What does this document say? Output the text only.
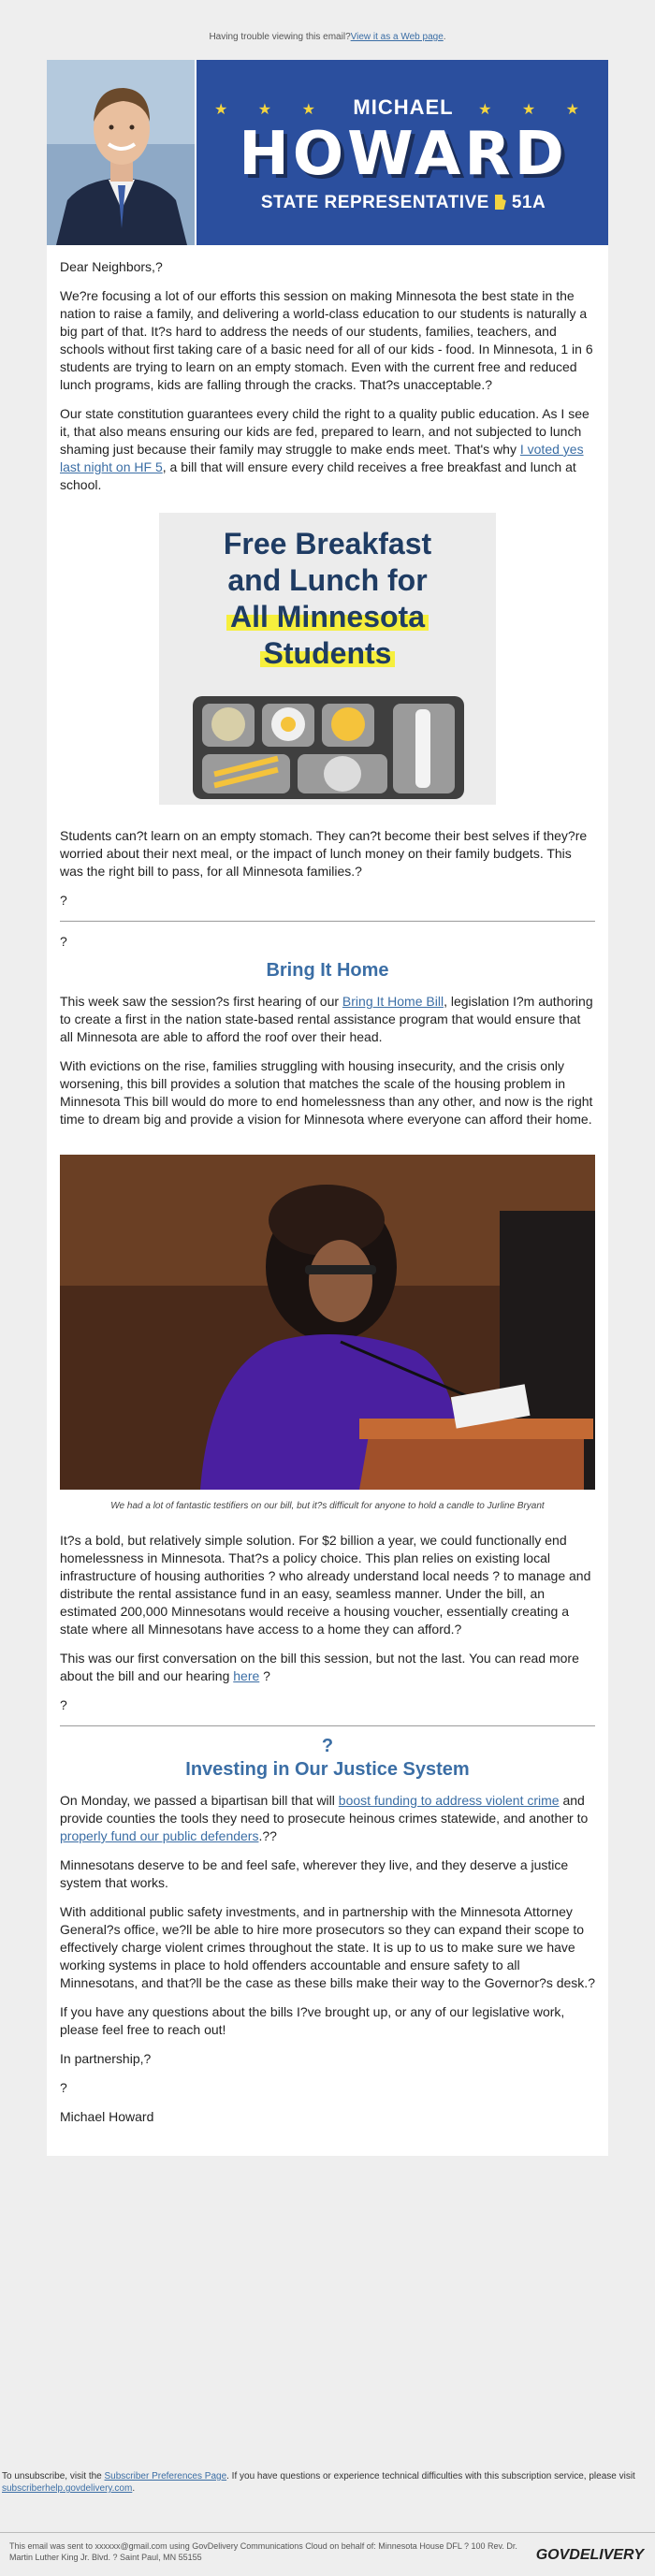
Having trouble viewing this email?View it as a Web page.
★ ★ ★ MICHAEL ★ ★ ★
HOWARD
STATE REPRESENTATIVE 51A

Dear Neighbors,?

We?re focusing a lot of our efforts this session on making Minnesota the best state in the nation to raise a family, and delivering a world-class education to our students is naturally a big part of that. It?s hard to address the needs of our students, families, teachers, and schools without first taking care of a basic need for all of our kids - food. In Minnesota, 1 in 6 students are trying to learn on an empty stomach. Even with the current free and reduced lunch programs, kids are falling through the cracks. That?s unacceptable.?

Our state constitution guarantees every child the right to a quality public education. As I see it, that also means ensuring our kids are fed, prepared to learn, and not subjected to lunch shaming just because their family may struggle to make ends meet. That's why I voted yes last night on HF 5, a bill that will ensure every child receives a free breakfast and lunch at school.

Free Breakfast
and Lunch for
All Minnesota
Students

Students can?t learn on an empty stomach. They can?t become their best selves if they?re worried about their next meal, or the impact of lunch money on their family budgets. This was the right bill to pass, for all Minnesota families.?

?
?
Bring It Home

This week saw the session?s first hearing of our Bring It Home Bill, legislation I?m authoring to create a first in the nation state-based rental assistance program that would ensure that all Minnesota are able to afford the roof over their head.

With evictions on the rise, families struggling with housing insecurity, and the crisis only worsening, this bill provides a solution that matches the scale of the housing problem in Minnesota This bill would do more to end homelessness than any other, and now is the right time to dream big and provide a vision for Minnesota where everyone can afford their home.

We had a lot of fantastic testifiers on our bill, but it?s difficult for anyone to hold a candle to Jurline Bryant

It?s a bold, but relatively simple solution. For $2 billion a year, we could functionally end homelessness in Minnesota. That?s a policy choice. This plan relies on existing local infrastructure of housing authorities ? who already understand local needs ? to manage and distribute the rental assistance fund in an easy, seamless manner. Under the bill, an estimated 200,000 Minnesotans would receive a housing voucher, essentially creating a state where all Minnesotans have access to a home they can afford.?

This was our first conversation on the bill this session, but not the last. You can read more about the bill and our hearing here ?

?
?
Investing in Our Justice System

On Monday, we passed a bipartisan bill that will boost funding to address violent crime and provide counties the tools they need to prosecute heinous crimes statewide, and another to properly fund our public defenders.??

Minnesotans deserve to be and feel safe, wherever they live, and they deserve a justice system that works.

With additional public safety investments, and in partnership with the Minnesota Attorney General?s office, we?ll be able to hire more prosecutors so they can expand their scope to effectively charge violent crimes throughout the state. It is up to us to make sure we have working systems in place to hold offenders accountable and ensure safety to all Minnesotans, and that?ll be the case as these bills make their way to the Governor?s desk.?

If you have any questions about the bills I?ve brought up, or any of our legislative work, please feel free to reach out!

In partnership,?

?

Michael Howard

To unsubscribe, visit the Subscriber Preferences Page. If you have questions or experience technical difficulties with this subscription service, please visit subscriberhelp.govdelivery.com.
This email was sent to xxxxxx@gmail.com using GovDelivery Communications Cloud on behalf of: Minnesota House DFL ? 100 Rev. Dr. Martin Luther King Jr. Blvd. ? Saint Paul, MN 55155	GOVDELIVERY
